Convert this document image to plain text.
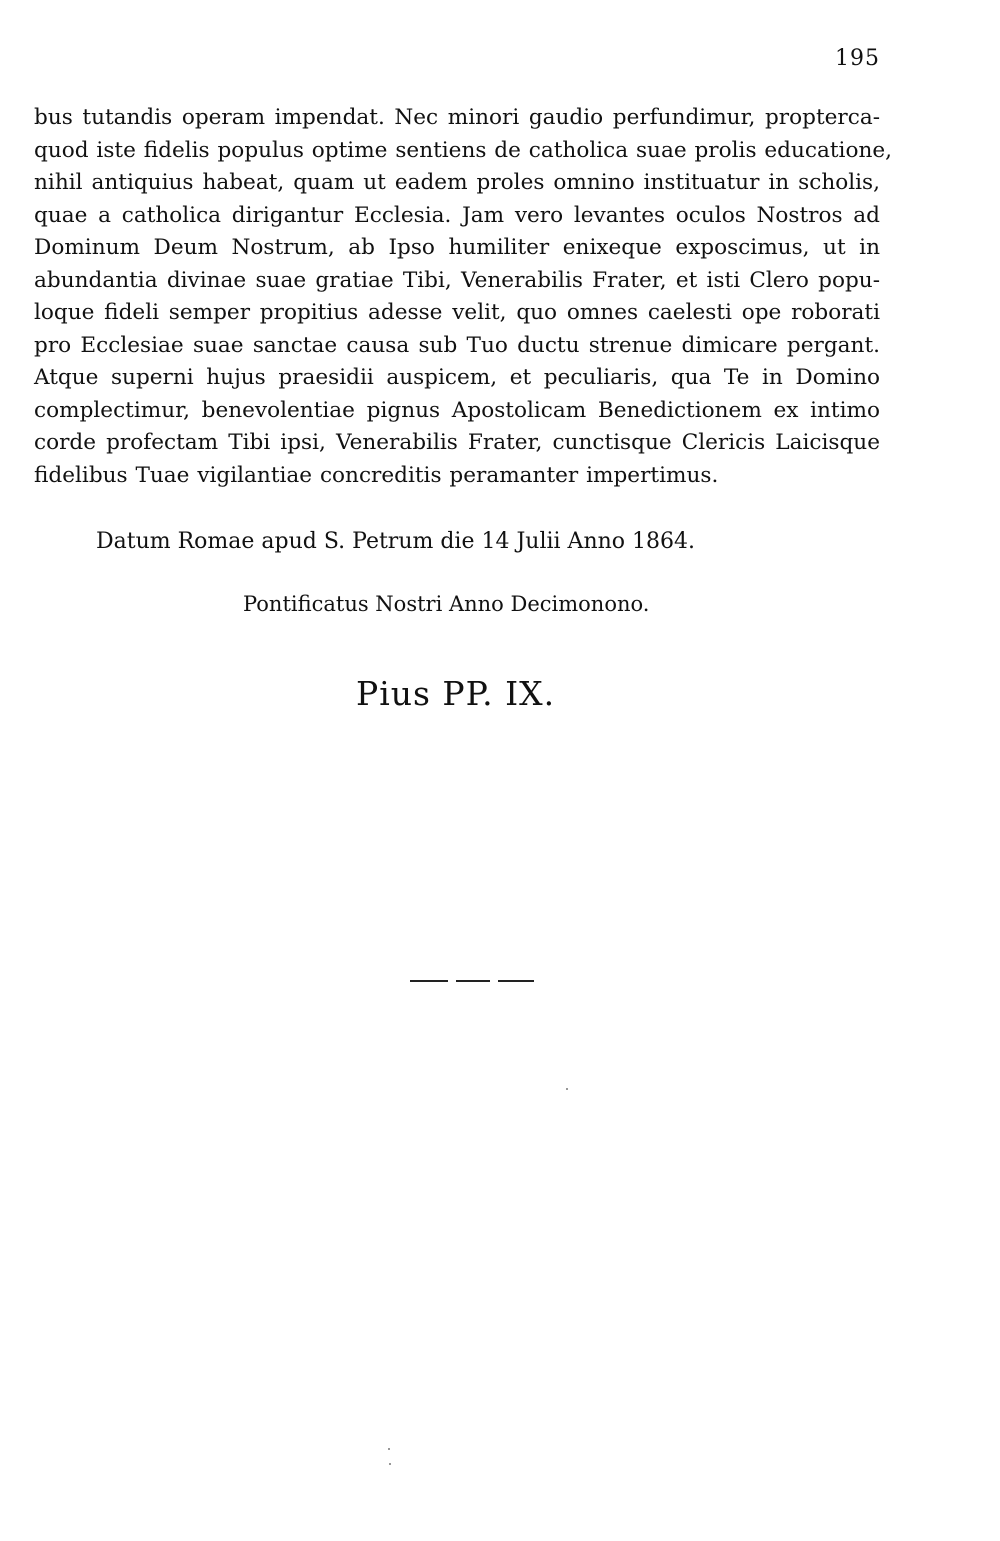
195
bus tutandis operam impendat. Nec minori gaudio perfundimur, propterca-
quod iste fidelis populus optime sentiens de catholica suae prolis educatione,
nihil antiquius habeat, quam ut eadem proles omnino instituatur in scholis,
quae a catholica dirigantur Ecclesia. Jam vero levantes oculos Nostros ad
Dominum Deum Nostrum, ab Ipso humiliter enixeque exposcimus, ut in
abundantia divinae suae gratiae Tibi, Venerabilis Frater, et isti Clero popu-
loque fideli semper propitius adesse velit, quo omnes caelesti ope roborati
pro Ecclesiae suae sanctae causa sub Tuo ductu strenue dimicare pergant.
Atque superni hujus praesidii auspicem, et peculiaris, qua Te in Domino
complectimur, benevolentiae pignus Apostolicam Benedictionem ex intimo
corde profectam Tibi ipsi, Venerabilis Frater, cunctisque Clericis Laicisque
fidelibus Tuae vigilantiae concreditis peramanter impertimus.
Datum Romae apud S. Petrum die 14 Julii Anno 1864.
Pontificatus Nostri Anno Decimonono.
Pius PP. IX.
